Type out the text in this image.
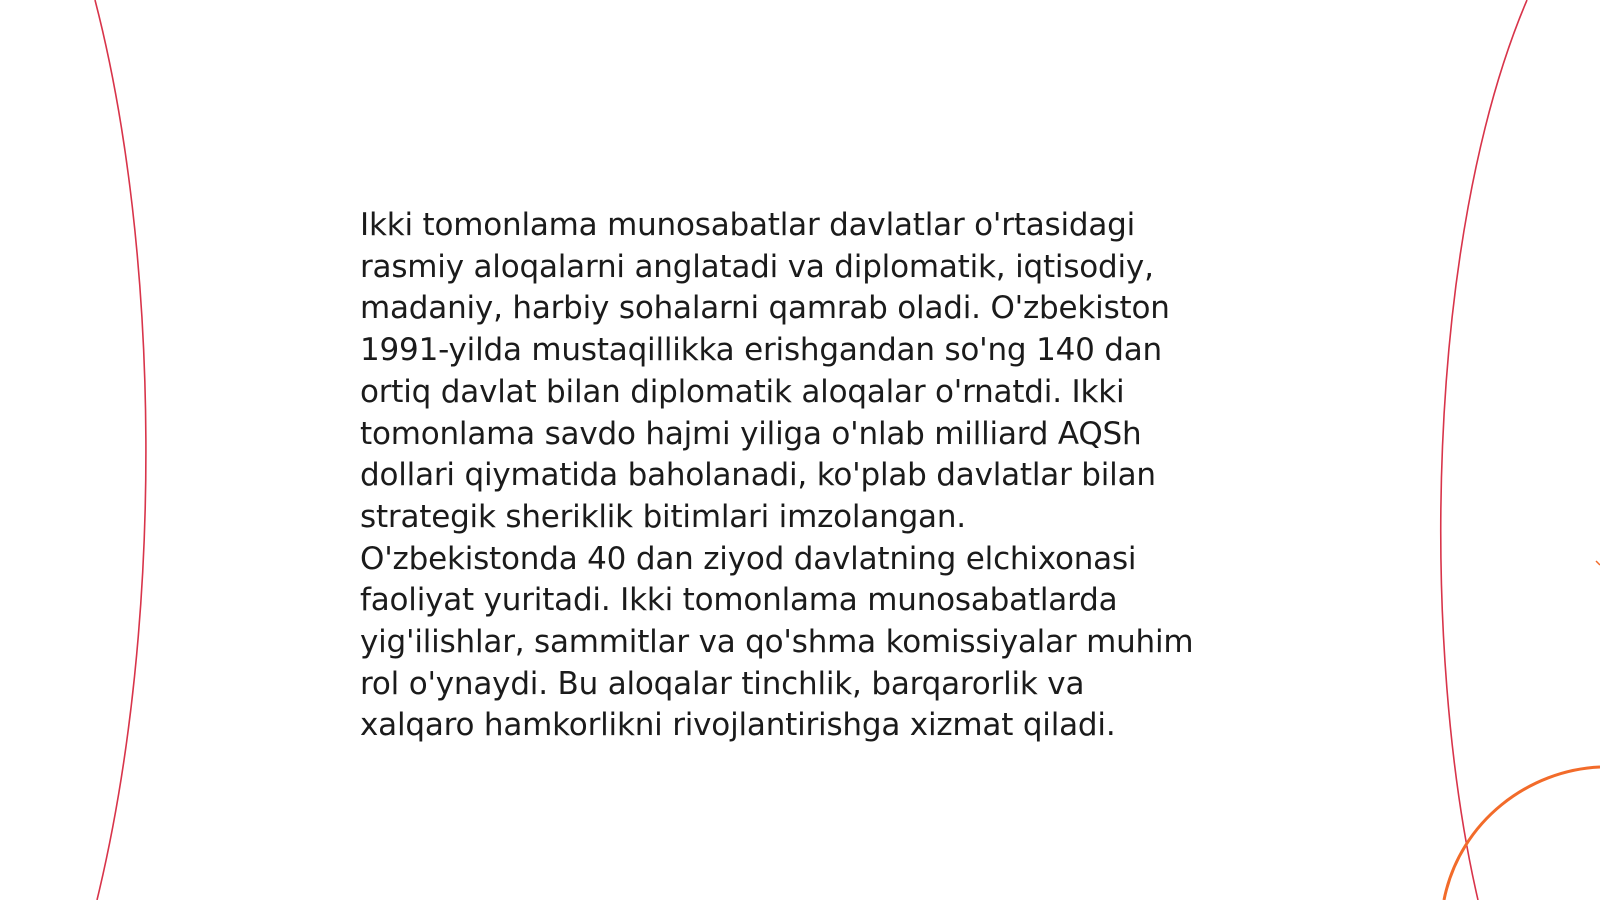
Ikki tomonlama munosabatlar davlatlar o'rtasidagi
rasmiy aloqalarni anglatadi va diplomatik, iqtisodiy,
madaniy, harbiy sohalarni qamrab oladi. O'zbekiston
1991-yilda mustaqillikka erishgandan so'ng 140 dan
ortiq davlat bilan diplomatik aloqalar o'rnatdi. Ikki
tomonlama savdo hajmi yiliga o'nlab milliard AQSh
dollari qiymatida baholanadi, ko'plab davlatlar bilan
strategik sheriklik bitimlari imzolangan.
O'zbekistonda 40 dan ziyod davlatning elchixonasi
faoliyat yuritadi. Ikki tomonlama munosabatlarda
yig'ilishlar, sammitlar va qo'shma komissiyalar muhim
rol o'ynaydi. Bu aloqalar tinchlik, barqarorlik va
xalqaro hamkorlikni rivojlantirishga xizmat qiladi.
